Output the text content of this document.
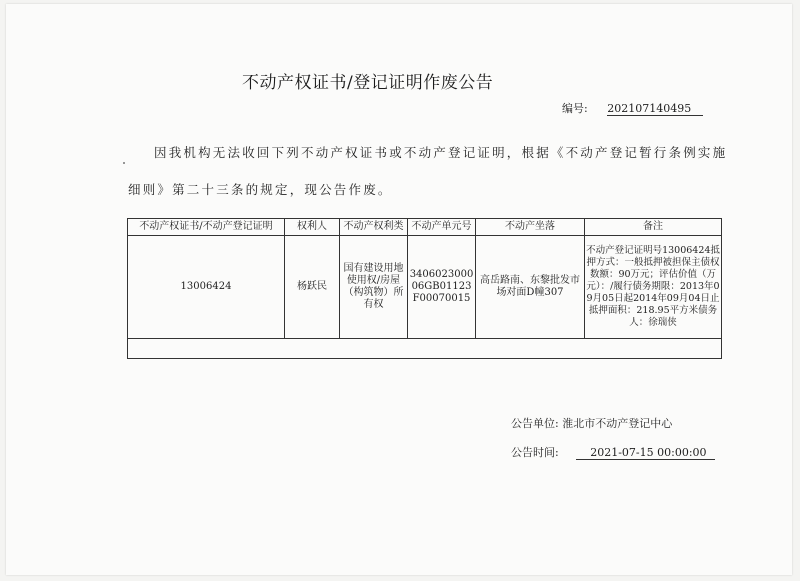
不动产权证书/登记证明作废公告
编号: 202107140495
因我机构无法收回下列不动产权证书或不动产登记证明，根据《不动产登记暂行条例实施细则》第二十三条的规定，现公告作废。
不动产权证书/不动产登记证明	权利人	不动产权利类	不动产单元号	不动产坐落	备注
13006424	杨跃民	国有建设用地使用权/房屋（构筑物）所有权	340602300006GB01123F00070015	高岳路南、东黎批发市场对面D幢307	不动产登记证明号13006424抵押方式：一般抵押被担保主债权数额：90万元；评估价值（万元）：/履行债务期限：2013年09月05日起2014年09月04日止抵押面积：218.95平方米债务人：徐瑞侠

公告单位: 淮北市不动产登记中心
公告时间:	2021-07-15 00:00:00
